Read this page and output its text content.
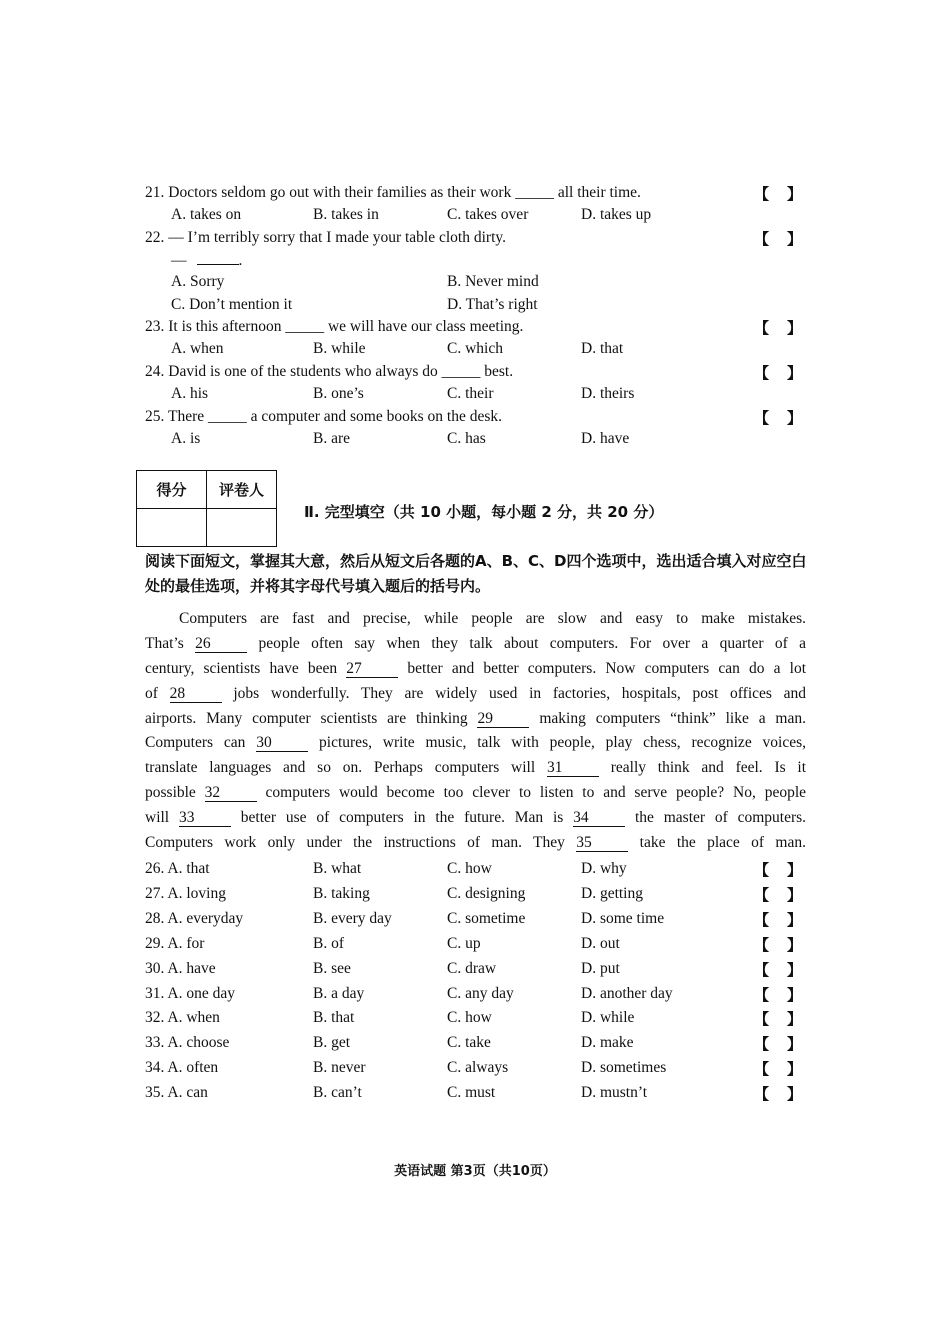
得分	评卷人

Ⅱ. 完型填空（共 10 小题，每小题 2 分，共 20 分）
阅读下面短文，掌握其大意，然后从短文后各题的A、B、C、D四个选项中，选出适合填入对应空白处的最佳选项，并将其字母代号填入题后的括号内。
Computers are fast and precise, while people are slow and easy to make mistakes.
That’s 26	people often say when they talk about computers. For over a quarter of a
century, scientists have been 27	better and better computers. Now computers can do a lot
of 28	jobs wonderfully. They are widely used in factories, hospitals, post offices and
airports. Many computer scientists are thinking 29	making computers “think” like a man.
Computers can 30	pictures, write music, talk with people, play chess, recognize voices,
translate languages and so on. Perhaps computers will 31	really think and feel. Is it
possible 32	computers would become too clever to listen to and serve people? No, people
will 33	better use of computers in the future. Man is 34	the master of computers.
Computers work only under the instructions of man. They 35	take the place of man.
英语试题 第3页（共10页）
21. Doctors seldom go out with their families as their work _____ all their time.	【 】
A. takes on	B. takes in	C. takes over	D. takes up
22. — I’m terribly sorry that I made your table cloth dirty.	【 】
—	.
A. Sorry	B. Never mind
C. Don’t mention it	D. That’s right
23. It is this afternoon _____ we will have our class meeting.	【 】
A. when	B. while	C. which	D. that
24. David is one of the students who always do _____ best.	【 】
A. his	B. one’s	C. their	D. theirs
25. There _____ a computer and some books on the desk.	【 】
A. is	B. are	C. has	D. have
26. A. that	B. what	C. how	D. why	【 】
27. A. loving	B. taking	C. designing	D. getting	【 】
28. A. everyday	B. every day	C. sometime	D. some time	【 】
29. A. for	B. of	C. up	D. out	【 】
30. A. have	B. see	C. draw	D. put	【 】
31. A. one day	B. a day	C. any day	D. another day	【 】
32. A. when	B. that	C. how	D. while	【 】
33. A. choose	B. get	C. take	D. make	【 】
34. A. often	B. never	C. always	D. sometimes	【 】
35. A. can	B. can’t	C. must	D. mustn’t	【 】
